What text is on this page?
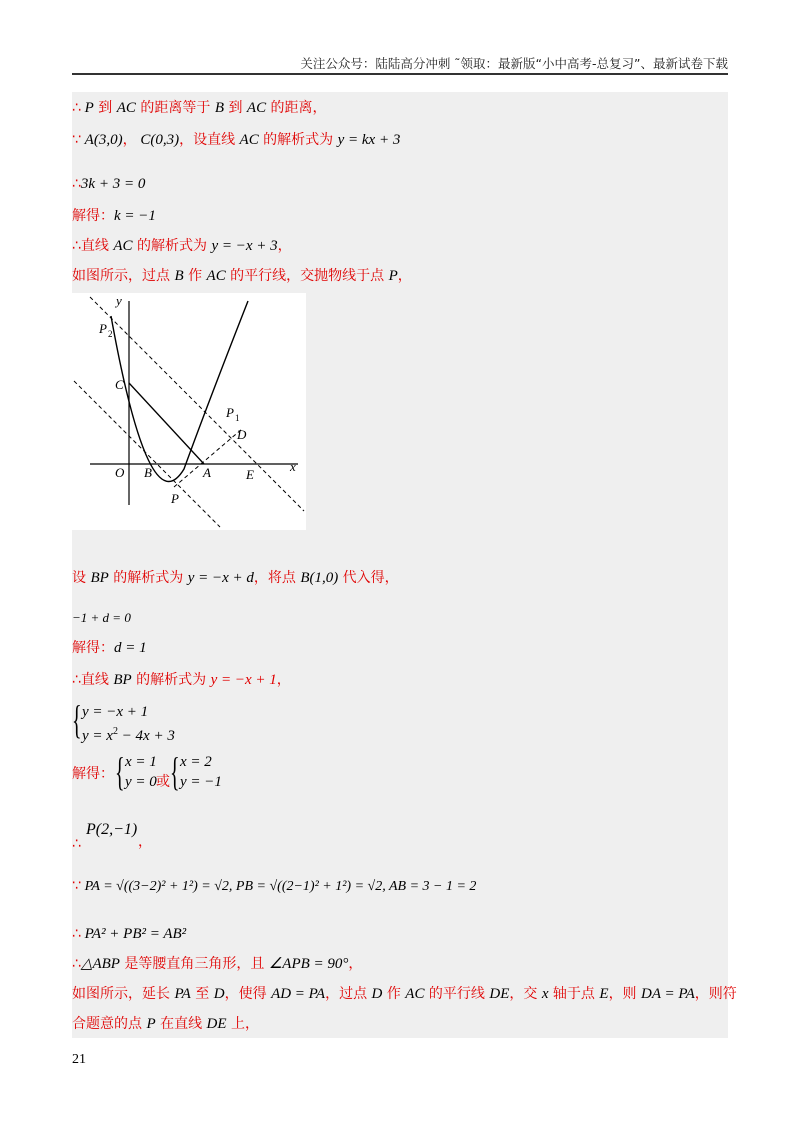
关注公众号：陆陆高分冲刺 ˜领取：最新版“小中高考-总复习”、最新试卷下载
∴ P 到 AC 的距离等于 B 到 AC 的距离，
∵ A(3,0)， C(0,3)，设直线 AC 的解析式为 y = kx + 3
∴3k + 3 = 0
解得：k = −1
∴直线 AC 的解析式为 y = −x + 3，
如图所示，过点 B 作 AC 的平行线，交抛物线于点 P，
y
x
O B	A	E
C
P
P 1
P 2
D
设 BP 的解析式为 y = −x + d，将点 B(1,0) 代入得，
−1 + d = 0
解得：d = 1
∴直线 BP 的解析式为 y = −x + 1，
{ y = −x + 1
$y = x^2 - 4x + 3$
解得： { x = 1
y = 0 或 { x = 2
y = −1
∴
P(2,−1)
，
∵ PA = √((3−2)² + 1²) = √2, PB = √((2−1)² + 1²) = √2, AB = 3 − 1 = 2
∴ PA² + PB² = AB²
∴△ABP 是等腰直角三角形，且 ∠APB = 90°，
如图所示，延长 PA 至 D，使得 AD = PA，过点 D 作 AC 的平行线 DE，交 x 轴于点 E，则 DA = PA，则符
合题意的点 P 在直线 DE 上，
21
